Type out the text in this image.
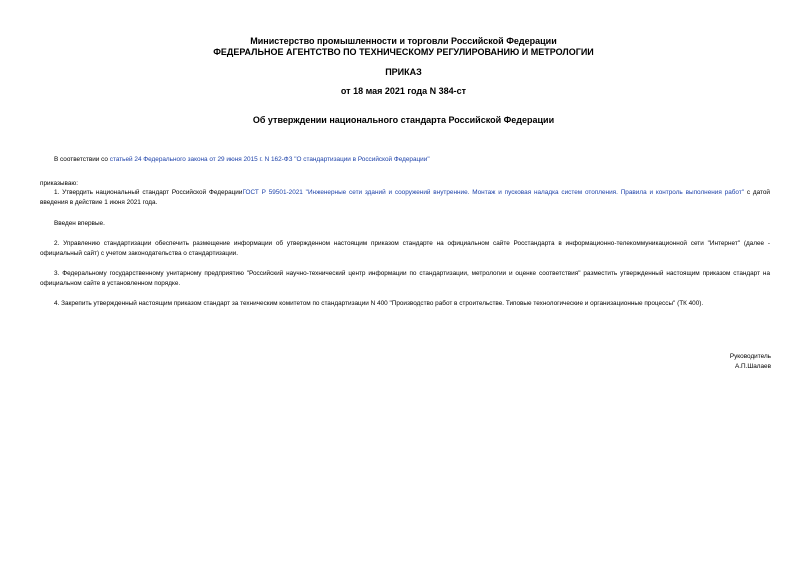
Министерство промышленности и торговли Российской Федерации
ФЕДЕРАЛЬНОЕ АГЕНТСТВО ПО ТЕХНИЧЕСКОМУ РЕГУЛИРОВАНИЮ И МЕТРОЛОГИИ
ПРИКАЗ
от 18 мая 2021 года N 384-ст
Об утверждении национального стандарта Российской Федерации
В соответствии со статьей 24 Федерального закона от 29 июня 2015 г. N 162-ФЗ "О стандартизации в Российской Федерации"
приказываю:
1. Утвердить национальный стандарт Российской ФедерацииГОСТ Р 59501-2021 "Инженерные сети зданий и сооружений внутренние. Монтаж и пусковая наладка систем отопления. Правила и контроль выполнения работ" с датой введения в действие 1 июня 2021 года.
Введен впервые.
2. Управлению стандартизации обеспечить размещение информации об утвержденном настоящим приказом стандарте на официальном сайте Росстандарта в информационно-телекоммуникационной сети "Интернет" (далее - официальный сайт) с учетом законодательства о стандартизации.
3. Федеральному государственному унитарному предприятию "Российский научно-технический центр информации по стандартизации, метрологии и оценке соответствия" разместить утвержденный настоящим приказом стандарт на официальном сайте в установленном порядке.
4. Закрепить утвержденный настоящим приказом стандарт за техническим комитетом по стандартизации N 400 "Производство работ в строительстве. Типовые технологические и организационные процессы" (ТК 400).
Руководитель
А.П.Шалаев
